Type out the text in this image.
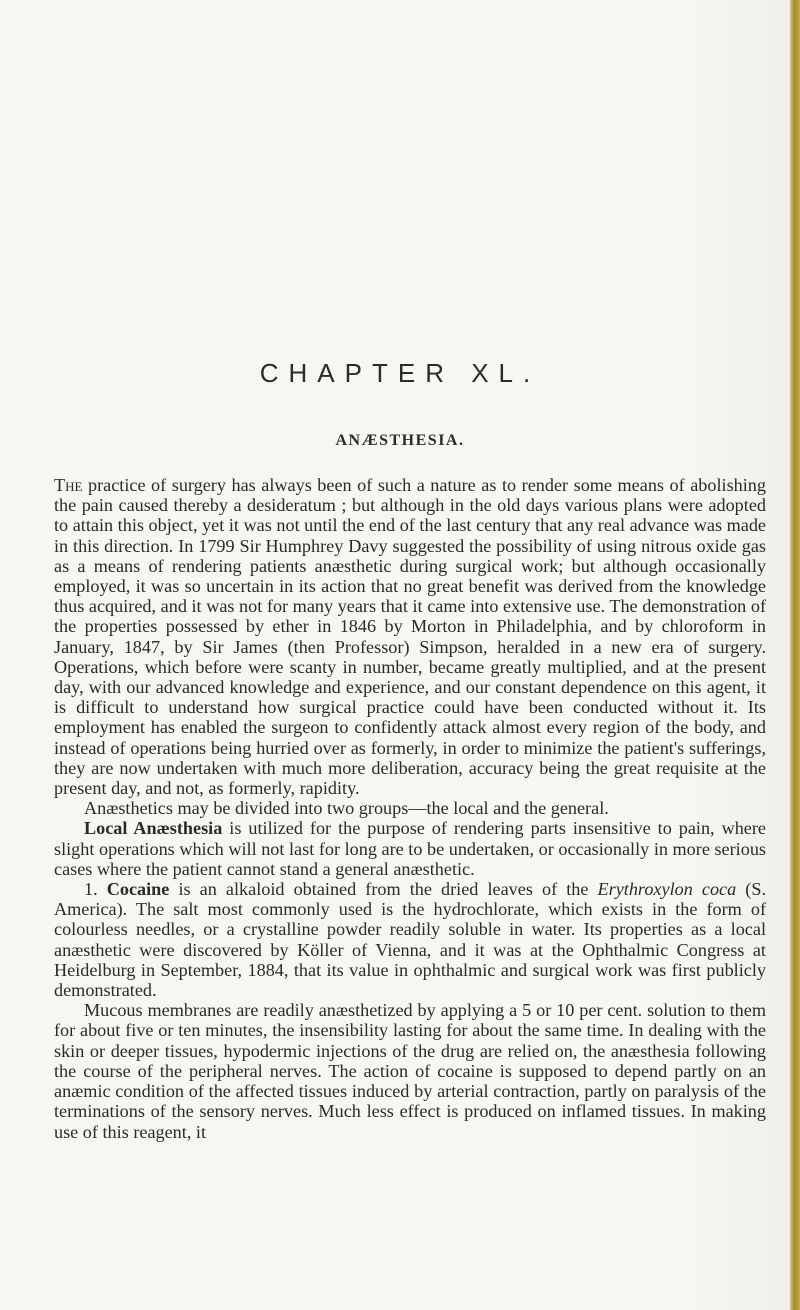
CHAPTER XL.
ANÆSTHESIA.

The practice of surgery has always been of such a nature as to render some means of abolishing the pain caused thereby a desideratum ; but although in the old days various plans were adopted to attain this object, yet it was not until the end of the last century that any real advance was made in this direction. In 1799 Sir Humphrey Davy suggested the possibility of using nitrous oxide gas as a means of rendering patients anæsthetic during surgical work; but although occasionally employed, it was so uncertain in its action that no great benefit was derived from the knowledge thus acquired, and it was not for many years that it came into extensive use. The demonstration of the properties possessed by ether in 1846 by Morton in Philadelphia, and by chloroform in January, 1847, by Sir James (then Professor) Simpson, heralded in a new era of surgery. Operations, which before were scanty in number, became greatly multiplied, and at the present day, with our advanced knowledge and experience, and our constant dependence on this agent, it is difficult to understand how surgical practice could have been conducted without it. Its employment has enabled the surgeon to confidently attack almost every region of the body, and instead of operations being hurried over as formerly, in order to minimize the patient's sufferings, they are now undertaken with much more deliberation, accuracy being the great requisite at the present day, and not, as formerly, rapidity.

Anæsthetics may be divided into two groups—the local and the general.

Local Anæsthesia is utilized for the purpose of rendering parts insensitive to pain, where slight operations which will not last for long are to be undertaken, or occasionally in more serious cases where the patient cannot stand a general anæsthetic.

1. Cocaine is an alkaloid obtained from the dried leaves of the Erythroxylon coca (S. America). The salt most commonly used is the hydrochlorate, which exists in the form of colourless needles, or a crystalline powder readily soluble in water. Its properties as a local anæsthetic were discovered by Köller of Vienna, and it was at the Ophthalmic Congress at Heidelburg in September, 1884, that its value in ophthalmic and surgical work was first publicly demonstrated.

Mucous membranes are readily anæsthetized by applying a 5 or 10 per cent. solution to them for about five or ten minutes, the insensibility lasting for about the same time. In dealing with the skin or deeper tissues, hypodermic injections of the drug are relied on, the anæsthesia following the course of the peripheral nerves. The action of cocaine is supposed to depend partly on an anæmic condition of the affected tissues induced by arterial contraction, partly on paralysis of the terminations of the sensory nerves. Much less effect is produced on inflamed tissues. In making use of this reagent, it
